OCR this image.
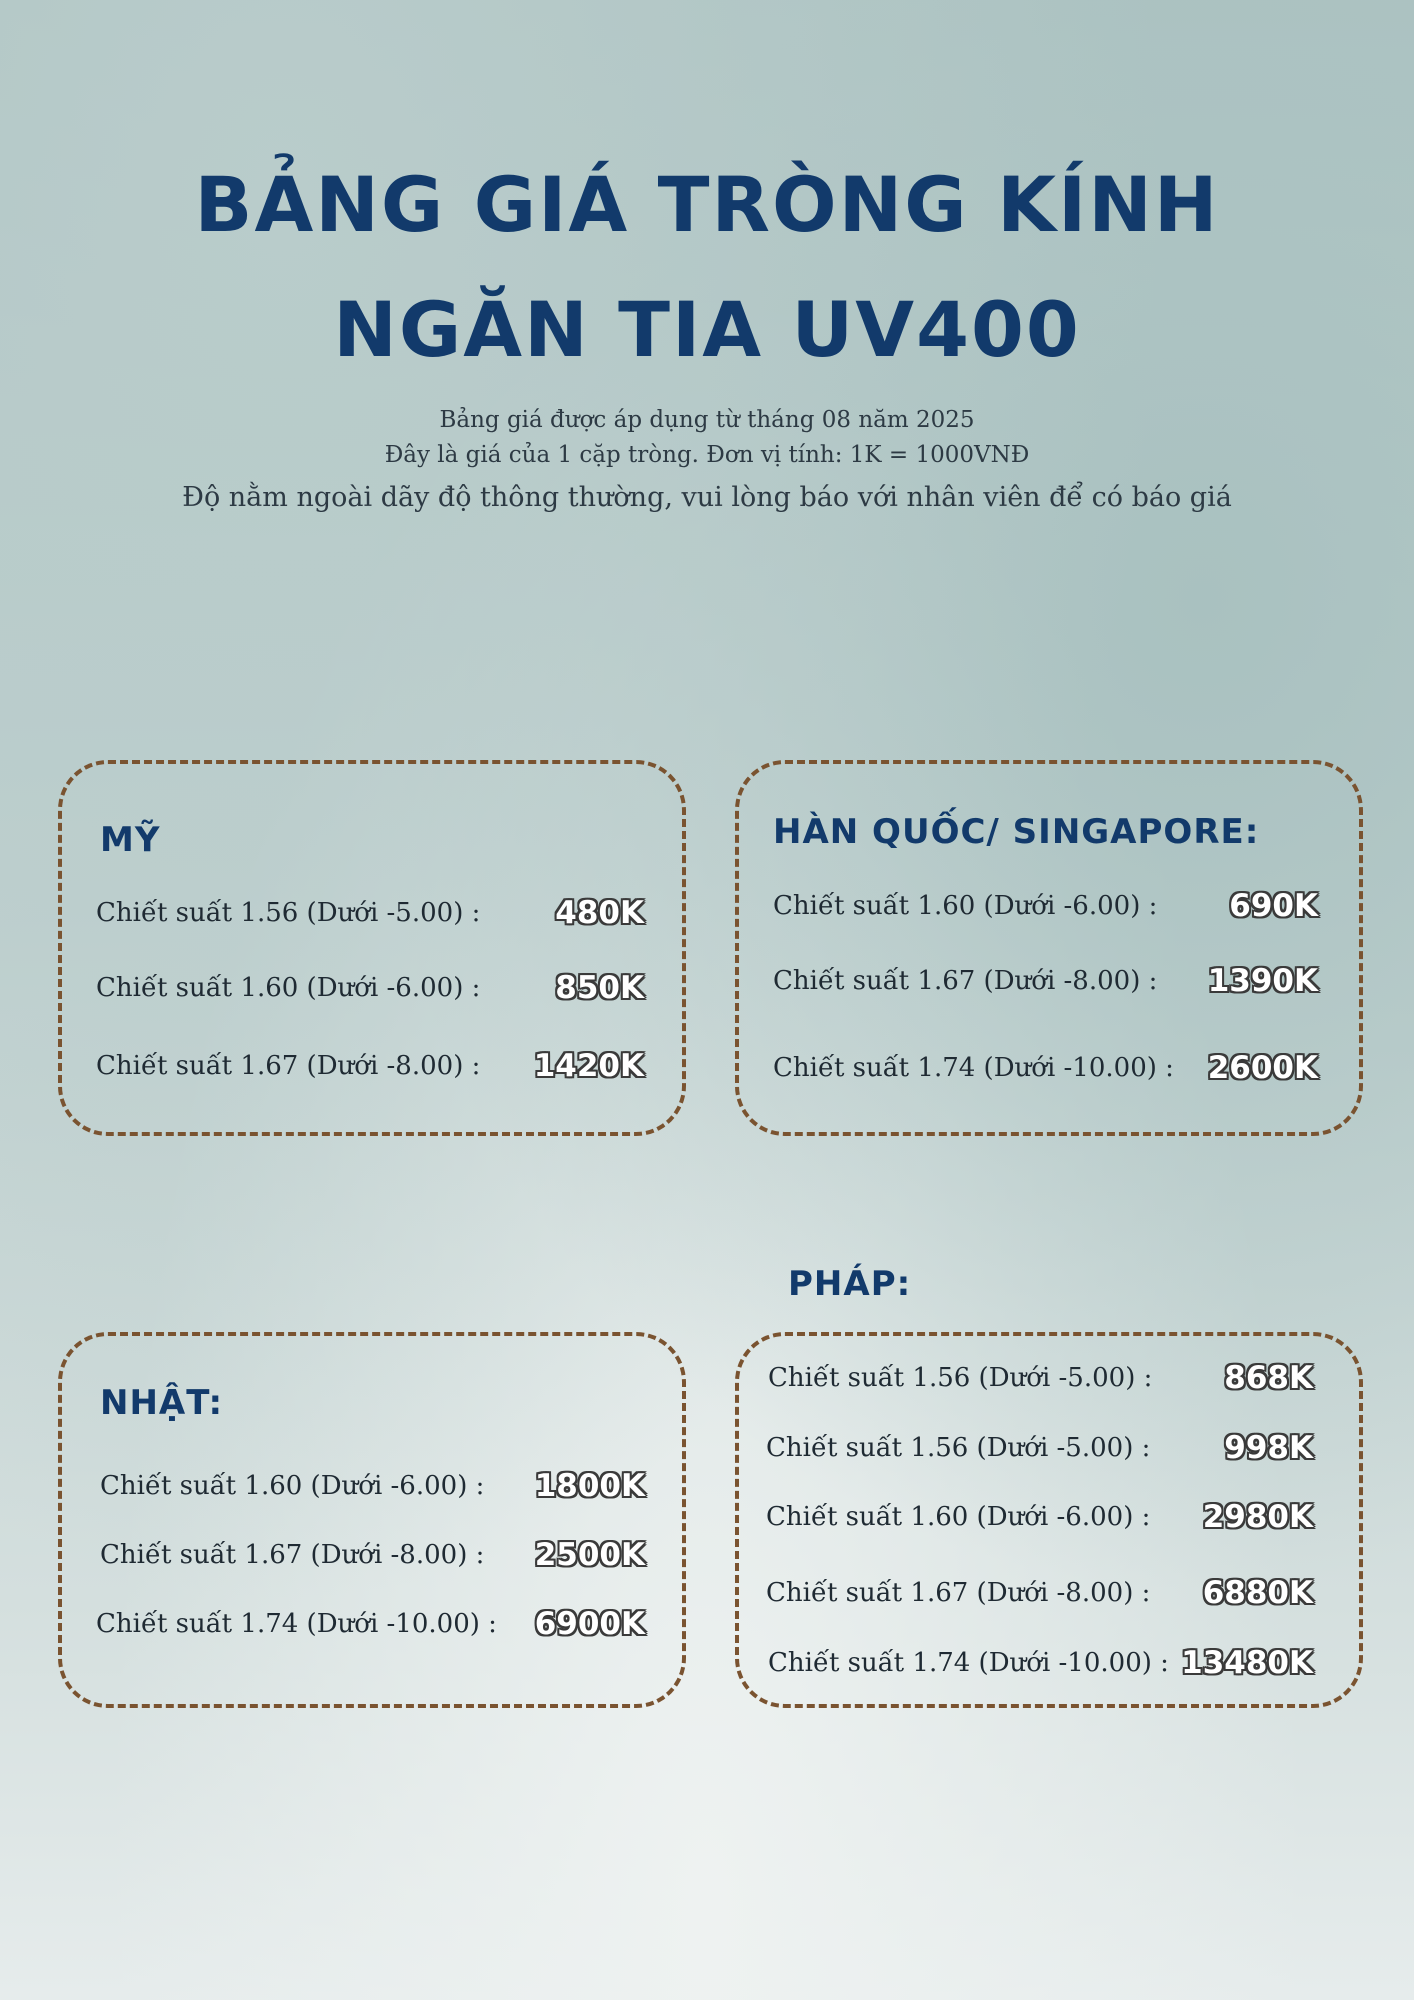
BẢNG GIÁ TRÒNG KÍNH
NGĂN TIA UV400
Bảng giá được áp dụng từ tháng 08 năm 2025
Đây là giá của 1 cặp tròng. Đơn vị tính: 1K = 1000VNĐ
Độ nằm ngoài dãy độ thông thường, vui lòng báo với nhân viên để có báo giá
MỸ
Chiết suất 1.56 (Dưới -5.00) : 480K
Chiết suất 1.60 (Dưới -6.00) : 850K
Chiết suất 1.67 (Dưới -8.00) : 1420K
HÀN QUỐC/ SINGAPORE:
Chiết suất 1.60 (Dưới -6.00) : 690K
Chiết suất 1.67 (Dưới -8.00) : 1390K
Chiết suất 1.74 (Dưới -10.00) : 2600K
NHẬT:
Chiết suất 1.60 (Dưới -6.00) : 1800K
Chiết suất 1.67 (Dưới -8.00) : 2500K
Chiết suất 1.74 (Dưới -10.00) : 6900K
PHÁP:
Chiết suất 1.56 (Dưới -5.00) : 868K
Chiết suất 1.56 (Dưới -5.00) : 998K
Chiết suất 1.60 (Dưới -6.00) : 2980K
Chiết suất 1.67 (Dưới -8.00) : 6880K
Chiết suất 1.74 (Dưới -10.00) : 13480K
